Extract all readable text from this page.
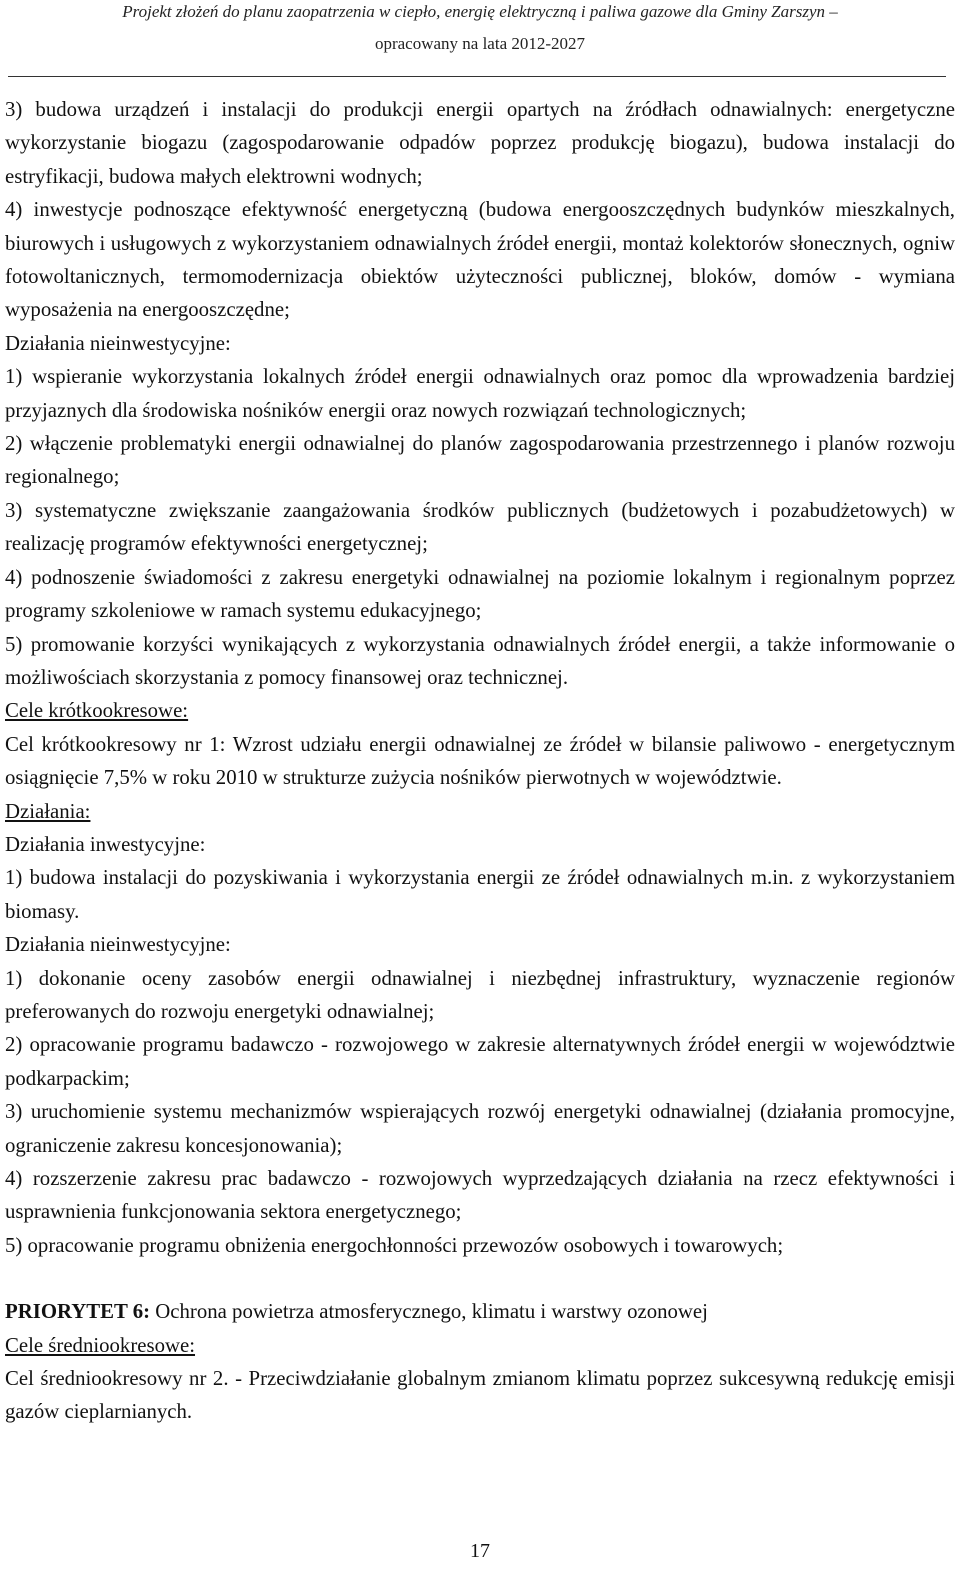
Projekt złożeń do planu zaopatrzenia w ciepło, energię elektryczną i paliwa gazowe dla Gminy Zarszyn –
opracowany na lata 2012-2027

3) budowa urządzeń i instalacji do produkcji energii opartych na źródłach odnawialnych: energetyczne wykorzystanie biogazu (zagospodarowanie odpadów poprzez produkcję biogazu), budowa instalacji do estryfikacji, budowa małych elektrowni wodnych;

4) inwestycje podnoszące efektywność energetyczną (budowa energooszczędnych budynków mieszkalnych, biurowych i usługowych z wykorzystaniem odnawialnych źródeł energii, montaż kolektorów słonecznych, ogniw fotowoltanicznych, termomodernizacja obiektów użyteczności publicznej, bloków, domów - wymiana wyposażenia na energooszczędne;

Działania nieinwestycyjne:

1) wspieranie wykorzystania lokalnych źródeł energii odnawialnych oraz pomoc dla wprowadzenia bardziej przyjaznych dla środowiska nośników energii oraz nowych rozwiązań technologicznych;

2) włączenie problematyki energii odnawialnej do planów zagospodarowania przestrzennego i planów rozwoju regionalnego;

3) systematyczne zwiększanie zaangażowania środków publicznych (budżetowych i pozabudżetowych) w realizację programów efektywności energetycznej;

4) podnoszenie świadomości z zakresu energetyki odnawialnej na poziomie lokalnym i regionalnym poprzez programy szkoleniowe w ramach systemu edukacyjnego;

5) promowanie korzyści wynikających z wykorzystania odnawialnych źródeł energii, a także informowanie o możliwościach skorzystania z pomocy finansowej oraz technicznej.

Cele krótkookresowe:

Cel krótkookresowy nr 1: Wzrost udziału energii odnawialnej ze źródeł w bilansie paliwowo - energetycznym osiągnięcie 7,5% w roku 2010 w strukturze zużycia nośników pierwotnych w województwie.

Działania:

Działania inwestycyjne:

1) budowa instalacji do pozyskiwania i wykorzystania energii ze źródeł odnawialnych m.in. z wykorzystaniem biomasy.

Działania nieinwestycyjne:

1) dokonanie oceny zasobów energii odnawialnej i niezbędnej infrastruktury, wyznaczenie regionów preferowanych do rozwoju energetyki odnawialnej;

2) opracowanie programu badawczo - rozwojowego w zakresie alternatywnych źródeł energii w województwie podkarpackim;

3) uruchomienie systemu mechanizmów wspierających rozwój energetyki odnawialnej (działania promocyjne, ograniczenie zakresu koncesjonowania);

4) rozszerzenie zakresu prac badawczo - rozwojowych wyprzedzających działania na rzecz efektywności i usprawnienia funkcjonowania sektora energetycznego;

5) opracowanie programu obniżenia energochłonności przewozów osobowych i towarowych;

PRIORYTET 6: Ochrona powietrza atmosferycznego, klimatu i warstwy ozonowej

Cele średniookresowe:

Cel średniookresowy nr 2. - Przeciwdziałanie globalnym zmianom klimatu poprzez sukcesywną redukcję emisji gazów cieplarnianych.

17
